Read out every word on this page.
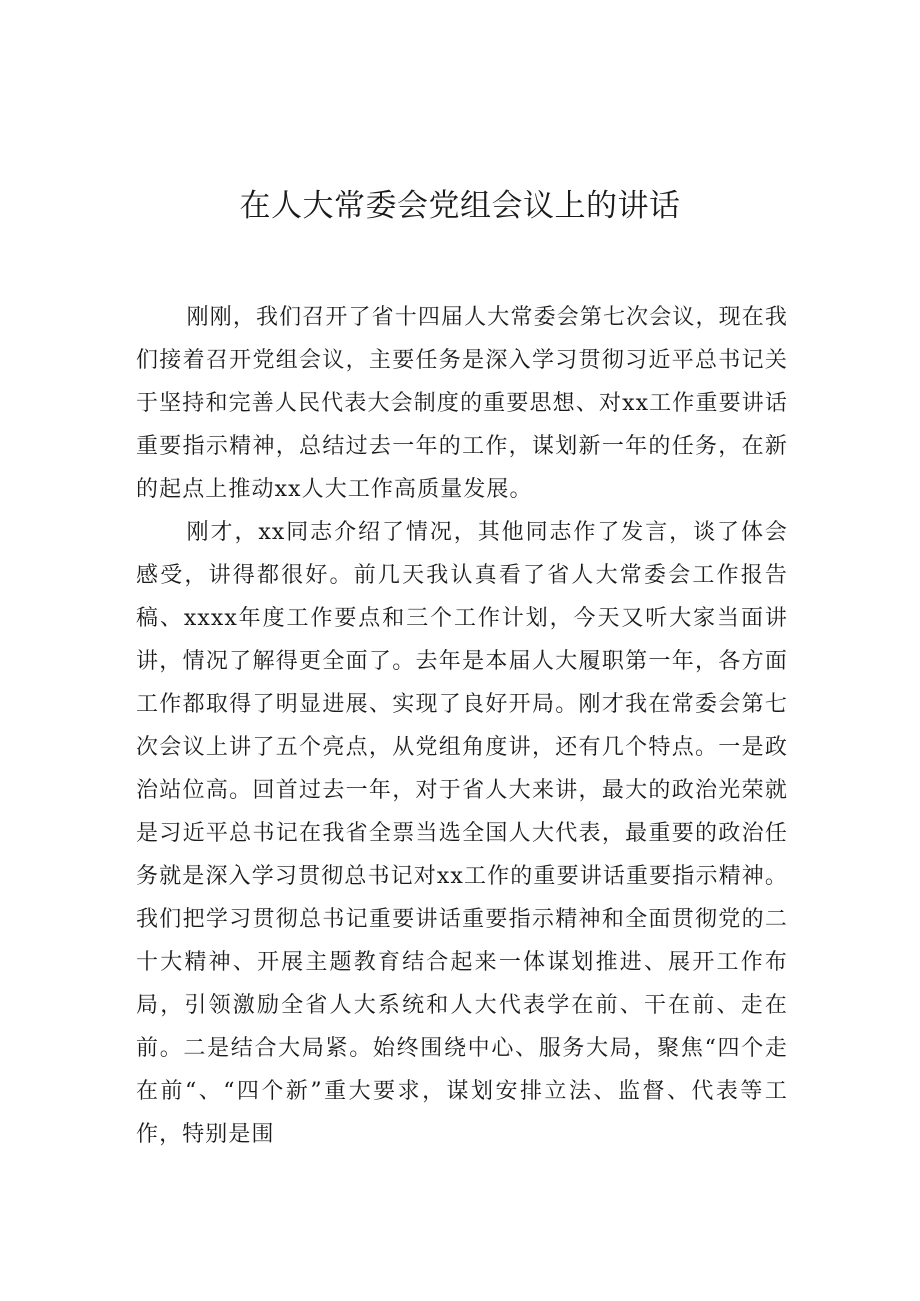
在人大常委会党组会议上的讲话

刚刚，我们召开了省十四届人大常委会第七次会议，现在我们接着召开党组会议，主要任务是深入学习贯彻习近平总书记关于坚持和完善人民代表大会制度的重要思想、对xx工作重要讲话重要指示精神，总结过去一年的工作，谋划新一年的任务，在新的起点上推动xx人大工作高质量发展。

刚才，xx同志介绍了情况，其他同志作了发言，谈了体会感受，讲得都很好。前几天我认真看了省人大常委会工作报告稿、xxxx年度工作要点和三个工作计划，今天又听大家当面讲讲，情况了解得更全面了。去年是本届人大履职第一年，各方面工作都取得了明显进展、实现了良好开局。刚才我在常委会第七次会议上讲了五个亮点，从党组角度讲，还有几个特点。一是政治站位高。回首过去一年，对于省人大来讲，最大的政治光荣就是习近平总书记在我省全票当选全国人大代表，最重要的政治任务就是深入学习贯彻总书记对xx工作的重要讲话重要指示精神。我们把学习贯彻总书记重要讲话重要指示精神和全面贯彻党的二十大精神、开展主题教育结合起来一体谋划推进、展开工作布局，引领激励全省人大系统和人大代表学在前、干在前、走在前。二是结合大局紧。始终围绕中心、服务大局，聚焦“四个走在前“、“四个新”重大要求，谋划安排立法、监督、代表等工作，特别是围
